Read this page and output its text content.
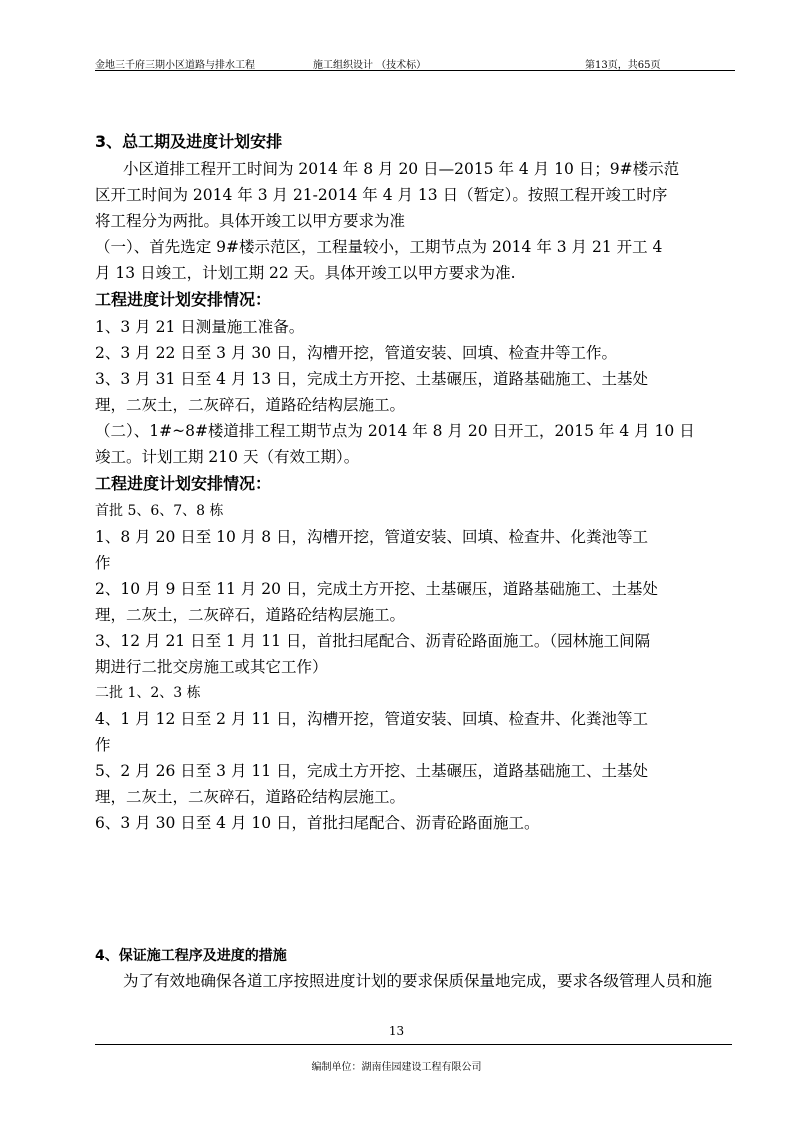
金地三千府三期小区道路与排水工程	施工组织设计 （技术标）	第13页，共65页
3、总工期及进度计划安排
小区道排工程开工时间为 2014 年 8 月 20 日—2015 年 4 月 10 日；9#楼示范
区开工时间为 2014 年 3 月 21-2014 年 4 月 13 日（暂定）。按照工程开竣工时序
将工程分为两批。具体开竣工以甲方要求为准
（一）、首先选定 9#楼示范区，工程量较小，工期节点为 2014 年 3 月 21 开工 4
月 13 日竣工，计划工期 22 天。具体开竣工以甲方要求为准.
工程进度计划安排情况：
1、3 月 21 日测量施工准备。
2、3 月 22 日至 3 月 30 日，沟槽开挖，管道安装、回填、检查井等工作。
3、3 月 31 日至 4 月 13 日，完成土方开挖、土基碾压，道路基础施工、土基处
理，二灰土，二灰碎石，道路砼结构层施工。
（二）、1#~8#楼道排工程工期节点为 2014 年 8 月 20 日开工，2015 年 4 月 10 日
竣工。计划工期 210 天（有效工期）。
工程进度计划安排情况：
首批 5、6、7、8 栋
1、8 月 20 日至 10 月 8 日，沟槽开挖，管道安装、回填、检查井、化粪池等工
作
2、10 月 9 日至 11 月 20 日，完成土方开挖、土基碾压，道路基础施工、土基处
理，二灰土，二灰碎石，道路砼结构层施工。
3、12 月 21 日至 1 月 11 日，首批扫尾配合、沥青砼路面施工。（园林施工间隔
期进行二批交房施工或其它工作）
二批 1、2、3 栋
4、1 月 12 日至 2 月 11 日，沟槽开挖，管道安装、回填、检查井、化粪池等工
作
5、2 月 26 日至 3 月 11 日，完成土方开挖、土基碾压，道路基础施工、土基处
理，二灰土，二灰碎石，道路砼结构层施工。
6、3 月 30 日至 4 月 10 日，首批扫尾配合、沥青砼路面施工。
4、保证施工程序及进度的措施
为了有效地确保各道工序按照进度计划的要求保质保量地完成，要求各级管理人员和施
13
编制单位：湖南佳园建设工程有限公司
